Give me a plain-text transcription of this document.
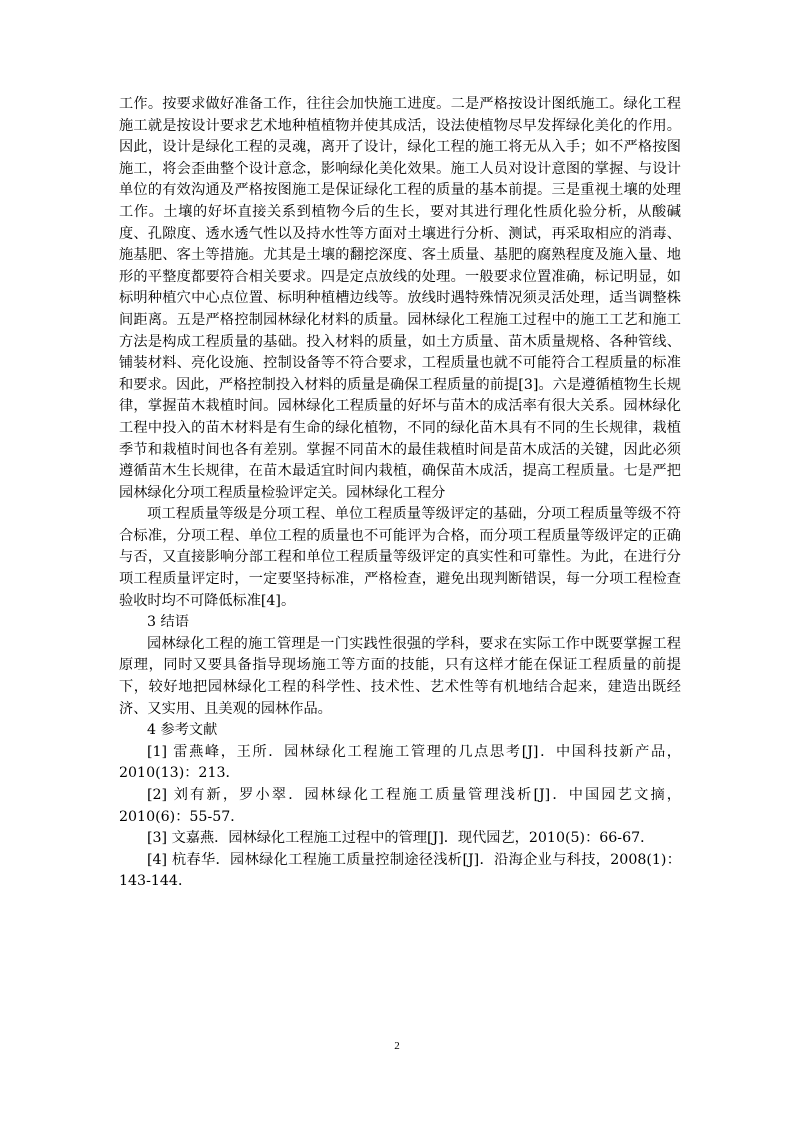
工作。按要求做好准备工作，往往会加快施工进度。二是严格按设计图纸施工。绿化工程施工就是按设计要求艺术地种植植物并使其成活，设法使植物尽早发挥绿化美化的作用。因此，设计是绿化工程的灵魂，离开了设计，绿化工程的施工将无从入手；如不严格按图施工，将会歪曲整个设计意念，影响绿化美化效果。施工人员对设计意图的掌握、与设计单位的有效沟通及严格按图施工是保证绿化工程的质量的基本前提。三是重视土壤的处理工作。土壤的好坏直接关系到植物今后的生长，要对其进行理化性质化验分析，从酸碱度、孔隙度、透水透气性以及持水性等方面对土壤进行分析、测试，再采取相应的消毒、施基肥、客土等措施。尤其是土壤的翻挖深度、客土质量、基肥的腐熟程度及施入量、地形的平整度都要符合相关要求。四是定点放线的处理。一般要求位置准确，标记明显，如标明种植穴中心点位置、标明种植槽边线等。放线时遇特殊情况须灵活处理，适当调整株间距离。五是严格控制园林绿化材料的质量。园林绿化工程施工过程中的施工工艺和施工方法是构成工程质量的基础。投入材料的质量，如土方质量、苗木质量规格、各种管线、铺装材料、亮化设施、控制设备等不符合要求，工程质量也就不可能符合工程质量的标准和要求。因此，严格控制投入材料的质量是确保工程质量的前提[3]。六是遵循植物生长规律，掌握苗木栽植时间。园林绿化工程质量的好坏与苗木的成活率有很大关系。园林绿化工程中投入的苗木材料是有生命的绿化植物，不同的绿化苗木具有不同的生长规律，栽植季节和栽植时间也各有差别。掌握不同苗木的最佳栽植时间是苗木成活的关键，因此必须遵循苗木生长规律，在苗木最适宜时间内栽植，确保苗木成活，提高工程质量。七是严把园林绿化分项工程质量检验评定关。园林绿化工程分

项工程质量等级是分项工程、单位工程质量等级评定的基础，分项工程质量等级不符合标准，分项工程、单位工程的质量也不可能评为合格，而分项工程质量等级评定的正确与否，又直接影响分部工程和单位工程质量等级评定的真实性和可靠性。为此，在进行分项工程质量评定时，一定要坚持标准，严格检查，避免出现判断错误，每一分项工程检查验收时均不可降低标准[4]。

3 结语

园林绿化工程的施工管理是一门实践性很强的学科，要求在实际工作中既要掌握工程原理，同时又要具备指导现场施工等方面的技能，只有这样才能在保证工程质量的前提下，较好地把园林绿化工程的科学性、技术性、艺术性等有机地结合起来，建造出既经济、又实用、且美观的园林作品。

4 参考文献

[1] 雷燕峰，王所．园林绿化工程施工管理的几点思考[J]．中国科技新产品，2010(13)：213．

[2] 刘有新，罗小翠．园林绿化工程施工质量管理浅析[J]．中国园艺文摘，2010(6)：55-57．

[3] 文嘉燕．园林绿化工程施工过程中的管理[J]．现代园艺，2010(5)：66-67．

[4] 杭春华．园林绿化工程施工质量控制途径浅析[J]．沿海企业与科技，2008(1)：143-144．

2
